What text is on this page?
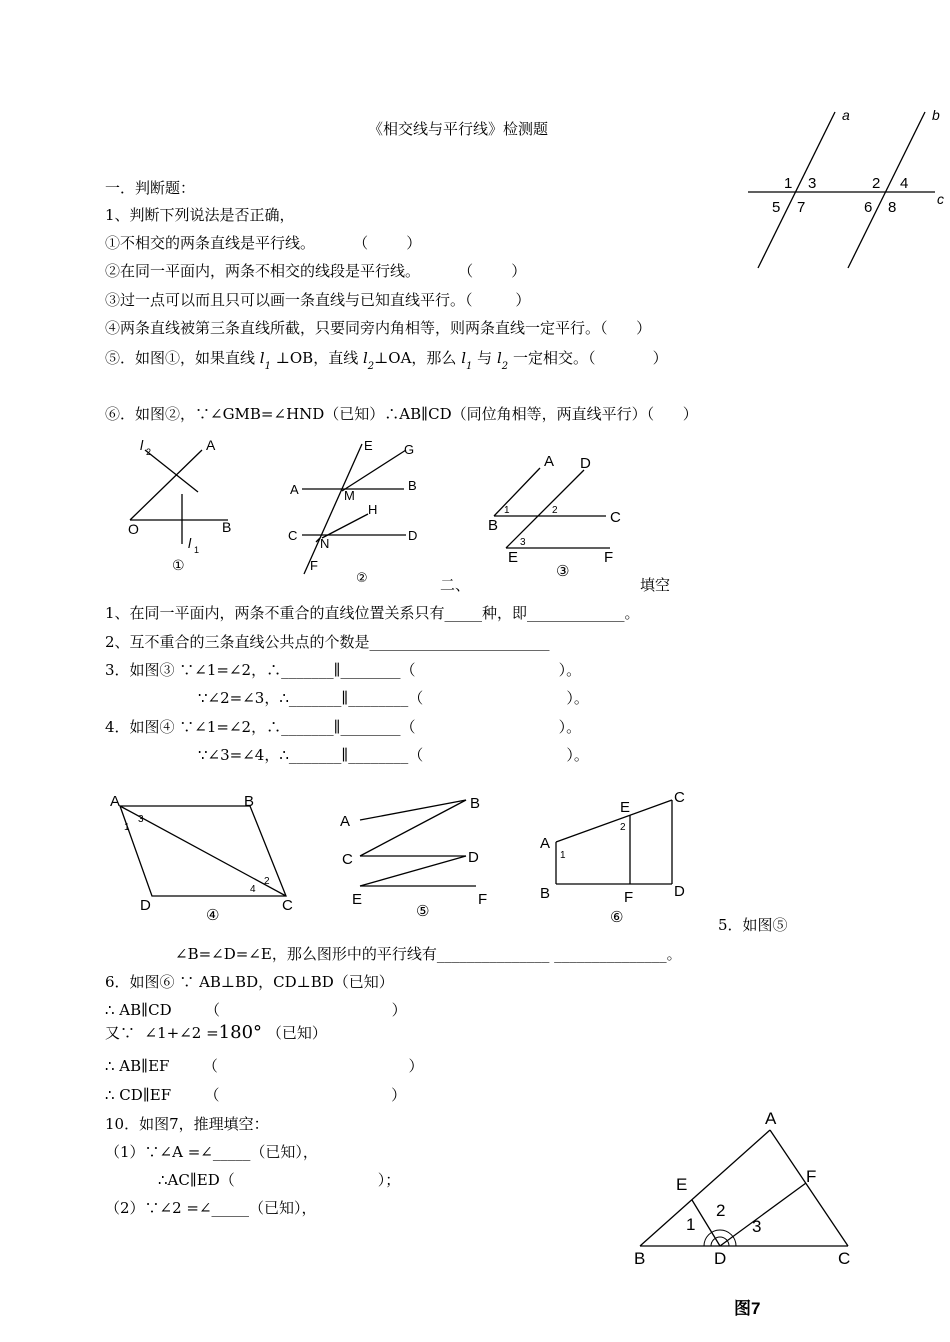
《相交线与平行线》检测题
a	b
c
1 3
5 7
2 4
6 8
一．判断题：
1、判断下列说法是否正确，
①不相交的两条直线是平行线。        （        ）
②在同一平面内，两条不相交的线段是平行线。        （        ）
③过一点可以而且只可以画一条直线与已知直线平行。（         ）
④两条直线被第三条直线所截，只要同旁内角相等，则两条直线一定平行。（      ）
⑤．如图①，如果直线 $l_1$ ⊥OB，直线 $l_2\perp OA$，那么 $l_1$ 与 $l_2$ 一定相交。（            ）
⑥．如图②，∵∠GMB=∠HND（已知）∴AB∥CD（同位角相等，两直线平行）（      ）
l 2	A
O	B
l 1
①
E G
A	M
B
H
C
N
D
F
②
A D
B	C
E	F
1	2
3
③
二、	填空
1、在同一平面内，两条不重合的直线位置关系只有_____种，即_____________。
2、互不重合的三条直线公共点的个数是________________________
3．如图③ ∵∠1=∠2，∴_______∥________（                              ）。
∵∠2=∠3，∴_______∥________（                              ）。
4．如图④ ∵∠1=∠2，∴_______∥________（                              ）。
∵∠3=∠4，∴_______∥________（                              ）。
A	B
C
D
1
2
3
4
④
A
B
C	D
E	F
⑤
A
B
C
D
E
F
1
2
⑥	5．如图⑤
∠B=∠D=∠E，那么图形中的平行线有_______________ _______________。
6．如图⑥ ∵ AB⊥BD，CD⊥BD（已知）
∴ AB∥CD       （                                    ）
又∵  ∠1+∠2 =180° （已知）
∴ AB∥EF       （                                        ）
∴ CD∥EF       （                                    ）
10．如图7，推理填空：
（1）∵∠A =∠_____（已知），
∴AC∥ED（                              ）；
（2）∵∠2 =∠_____（已知），
A
B	C
D
E	F
1
2
3
图7
